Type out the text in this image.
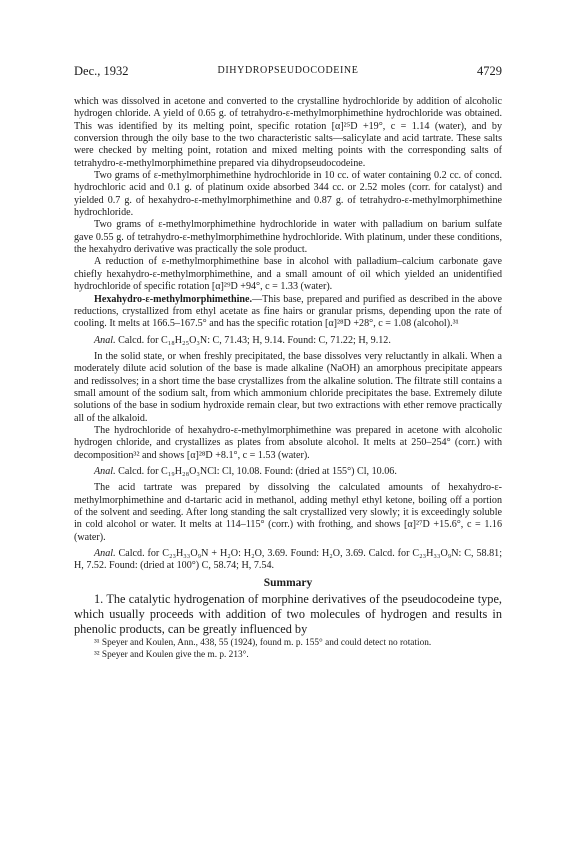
Dec., 1932	DIHYDROPSEUDOCODEINE	4729

which was dissolved in acetone and converted to the crystalline hydrochloride by addition of alcoholic hydrogen chloride. A yield of 0.65 g. of tetrahydro-ε-methylmorphimethine hydrochloride was obtained. This was identified by its melting point, specific rotation [α]²⁵D +19°, c = 1.14 (water), and by conversion through the oily base to the two characteristic salts—salicylate and acid tartrate. These salts were checked by melting point, rotation and mixed melting points with the corresponding salts of tetrahydro-ε-methylmorphimethine prepared via dihydropseudocodeine.

Two grams of ε-methylmorphimethine hydrochloride in 10 cc. of water containing 0.2 cc. of concd. hydrochloric acid and 0.1 g. of platinum oxide absorbed 344 cc. or 2.52 moles (corr. for catalyst) and yielded 0.7 g. of hexahydro-ε-methylmorphimethine and 0.87 g. of tetrahydro-ε-methylmorphimethine hydrochloride.

Two grams of ε-methylmorphimethine hydrochloride in water with palladium on barium sulfate gave 0.55 g. of tetrahydro-ε-methylmorphimethine hydrochloride. With platinum, under these conditions, the hexahydro derivative was practically the sole product.

A reduction of ε-methylmorphimethine base in alcohol with palladium–calcium carbonate gave chiefly hexahydro-ε-methylmorphimethine, and a small amount of oil which yielded an unidentified hydrochloride of specific rotation [α]²⁹D +94°, c = 1.33 (water).

Hexahydro-ε-methylmorphimethine.—This base, prepared and purified as described in the above reductions, crystallized from ethyl acetate as fine hairs or granular prisms, depending upon the rate of cooling. It melts at 166.5–167.5° and has the specific rotation [α]²⁸D +28°, c = 1.08 (alcohol).³¹

Anal. Calcd. for C₁₈H₂₅O₃N: C, 71.43; H, 9.14. Found: C, 71.22; H, 9.12.

In the solid state, or when freshly precipitated, the base dissolves very reluctantly in alkali. When a moderately dilute acid solution of the base is made alkaline (NaOH) an amorphous precipitate appears and redissolves; in a short time the base crystallizes from the alkaline solution. The filtrate still contains a small amount of the sodium salt, from which ammonium chloride precipitates the base. Extremely dilute solutions of the base in sodium hydroxide remain clear, but two extractions with ether remove practically all of the alkaloid.

The hydrochloride of hexahydro-ε-methylmorphimethine was prepared in acetone with alcoholic hydrogen chloride, and crystallizes as plates from absolute alcohol. It melts at 250–254° (corr.) with decomposition³² and shows [α]²⁸D +8.1°, c = 1.53 (water).

Anal. Calcd. for C₁₉H₂₈O₃NCl: Cl, 10.08. Found: (dried at 155°) Cl, 10.06.

The acid tartrate was prepared by dissolving the calculated amounts of hexahydro-ε-methylmorphimethine and d-tartaric acid in methanol, adding methyl ethyl ketone, boiling off a portion of the solvent and seeding. After long standing the salt crystallized very slowly; it is exceedingly soluble in cold alcohol or water. It melts at 114–115° (corr.) with frothing, and shows [α]²⁷D +15.6°, c = 1.16 (water).

Anal. Calcd. for C₂₃H₃₃O₉N + H₂O: H₂O, 3.69. Found: H₂O, 3.69. Calcd. for C₂₃H₃₃O₉N: C, 58.81; H, 7.52. Found: (dried at 100°) C, 58.74; H, 7.54.

Summary

1. The catalytic hydrogenation of morphine derivatives of the pseudocodeine type, which usually proceeds with addition of two molecules of hydrogen and results in phenolic products, can be greatly influenced by

³¹ Speyer and Koulen, Ann., 438, 55 (1924), found m. p. 155° and could detect no rotation.

³² Speyer and Koulen give the m. p. 213°.
